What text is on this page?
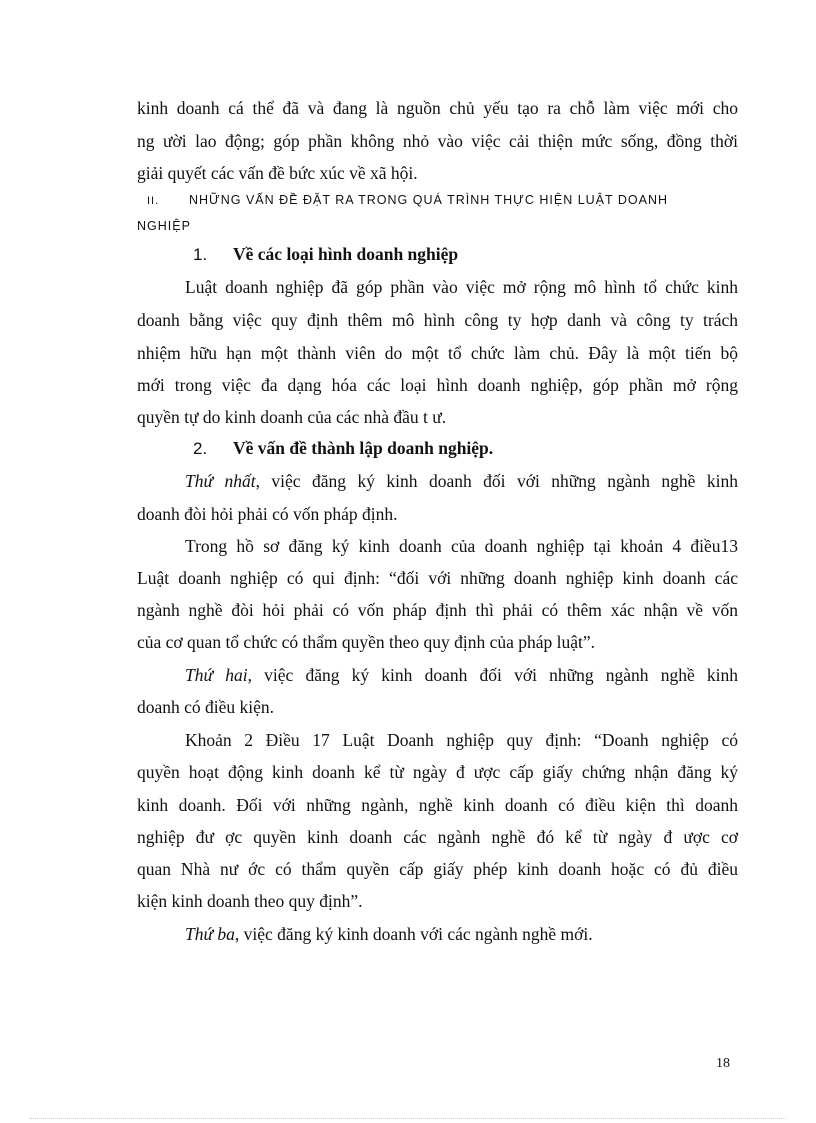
kinh doanh cá thể đã và đang là nguồn chủ yếu tạo ra chỗ làm việc mới cho

ng ười lao động; góp phần không nhỏ vào việc cải thiện mức sống, đồng thời

giải quyết các vấn đề bức xúc về xã hội.

II. NHỮNG VẤN ĐỀ ĐẶT RA TRONG QUÁ TRÌNH THỰC HIỆN LUẬT DOANH
NGHIỆP
1. Về các loại hình doanh nghiệp

Luật doanh nghiệp đã góp phần vào việc mở rộng mô hình tổ chức kinh

doanh bằng việc quy định thêm mô hình công ty hợp danh và công ty trách

nhiệm hữu hạn một thành viên do một tổ chức làm chủ. Đây là một tiến bộ

mới trong việc đa dạng hóa các loại hình doanh nghiệp, góp phần mở rộng

quyền tự do kinh doanh của các nhà đầu t ư.

2. Về vấn đề thành lập doanh nghiệp.

Thứ nhất, việc đăng ký kinh doanh đối với những ngành nghề kinh

doanh đòi hỏi phải có vốn pháp định.

Trong hồ sơ đăng ký kinh doanh của doanh nghiệp tại khoản 4 điều13

Luật doanh nghiệp có qui định: “đối với những doanh nghiệp kinh doanh các

ngành nghề đòi hỏi phải có vốn pháp định thì phải có thêm xác nhận về vốn

của cơ quan tổ chức có thẩm quyền theo quy định của pháp luật”.

Thứ hai, việc đăng ký kinh doanh đối với những ngành nghề kinh

doanh có điều kiện.

Khoản 2 Điều 17 Luật Doanh nghiệp quy định: “Doanh nghiệp có

quyền hoạt động kinh doanh kể từ ngày đ ược cấp giấy chứng nhận đăng ký

kinh doanh. Đối với những ngành, nghề kinh doanh có điều kiện thì doanh

nghiệp đư ợc quyền kinh doanh các ngành nghề đó kể từ ngày đ ược cơ

quan Nhà nư ớc có thẩm quyền cấp giấy phép kinh doanh hoặc có đủ điều

kiện kinh doanh theo quy định”.

Thứ ba, việc đăng ký kinh doanh với các ngành nghề mới.

18
